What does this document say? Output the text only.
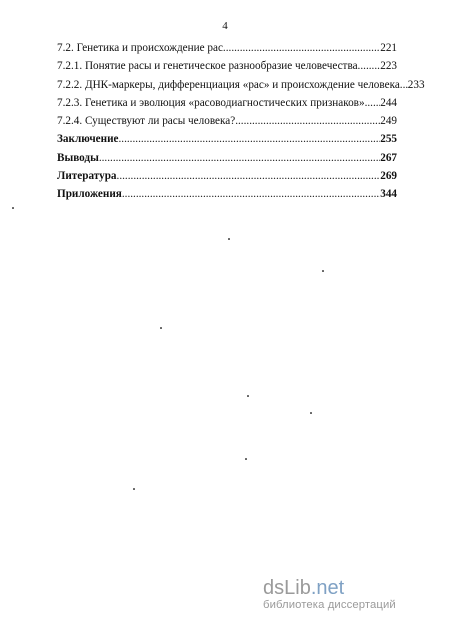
4
7.2. Генетика и происхождение рас .....	221
7.2.1. Понятие расы и генетическое разнообразие человечества ..... 223
7.2.2. ДНК-маркеры, дифференциация «рас» и происхождение человека ..... 233
7.2.3. Генетика и эволюция «расоводиагностических признаков» ..... 244
7.2.4. Существуют ли расы человека? .....	249
Заключение .....	255
Выводы .....	267
Литература .....	269
Приложения .....	344
dsLib.net
библиотека диссертаций
